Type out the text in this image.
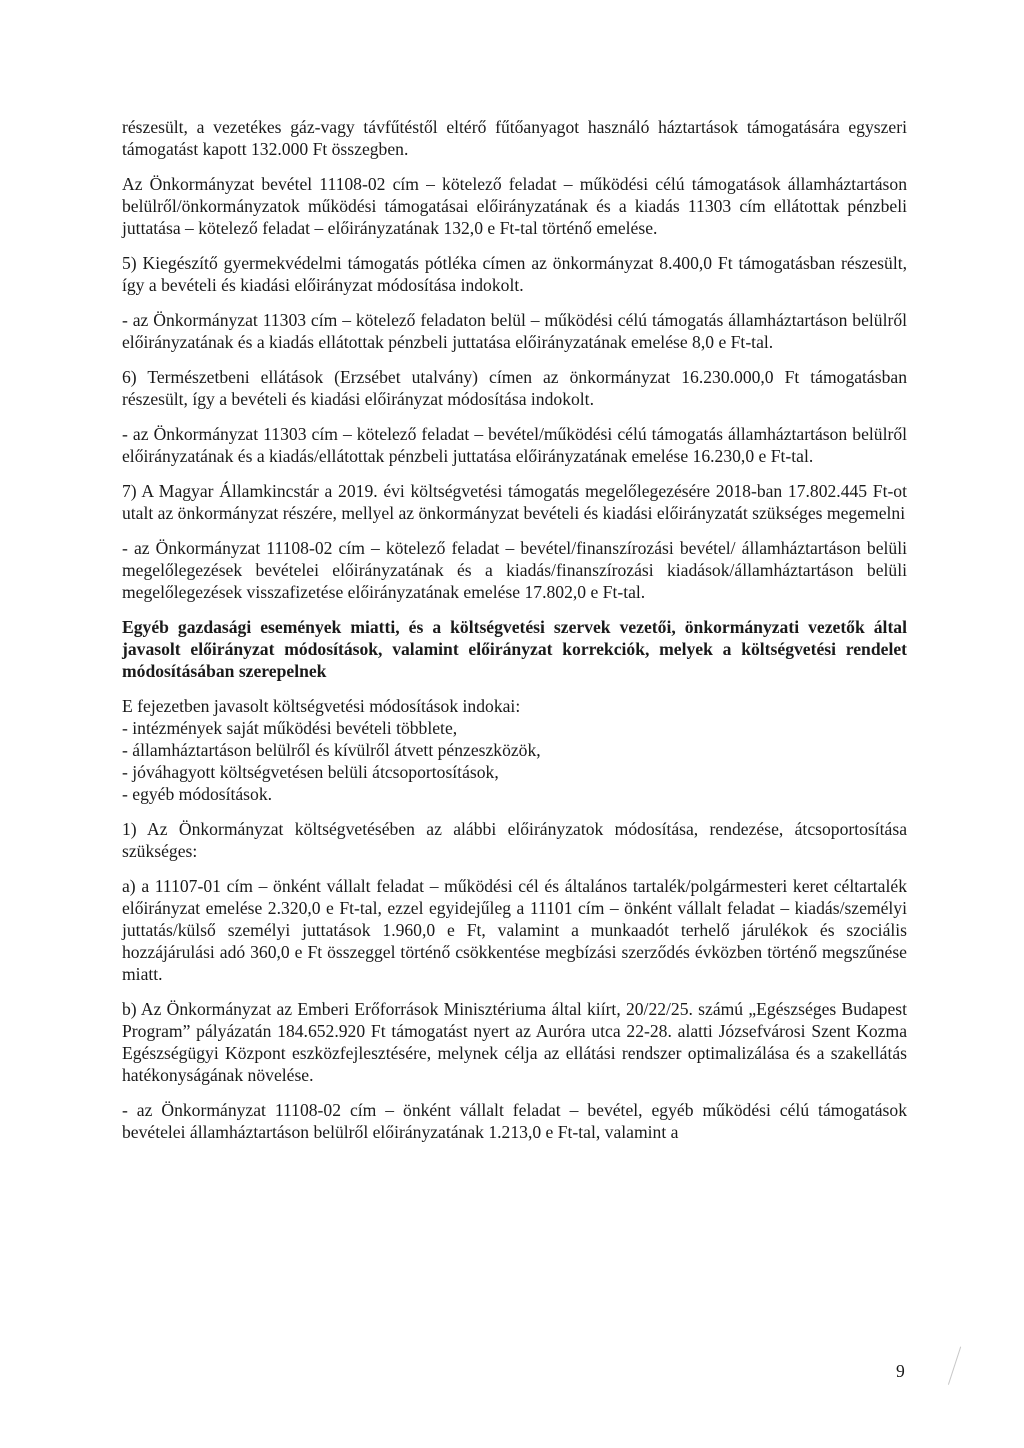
részesült, a vezetékes gáz-vagy távfűtéstől eltérő fűtőanyagot használó háztartások támogatására egyszeri támogatást kapott 132.000 Ft összegben.

Az Önkormányzat bevétel 11108-02 cím – kötelező feladat – működési célú támogatások államháztartáson belülről/önkormányzatok működési támogatásai előirányzatának és a kiadás 11303 cím ellátottak pénzbeli juttatása – kötelező feladat – előirányzatának 132,0 e Ft-tal történő emelése.

5) Kiegészítő gyermekvédelmi támogatás pótléka címen az önkormányzat 8.400,0 Ft támogatásban részesült, így a bevételi és kiadási előirányzat módosítása indokolt.

- az Önkormányzat 11303 cím – kötelező feladaton belül – működési célú támogatás államháztartáson belülről előirányzatának és a kiadás ellátottak pénzbeli juttatása előirányzatának emelése 8,0 e Ft-tal.

6) Természetbeni ellátások (Erzsébet utalvány) címen az önkormányzat 16.230.000,0 Ft támogatásban részesült, így a bevételi és kiadási előirányzat módosítása indokolt.

- az Önkormányzat 11303 cím – kötelező feladat – bevétel/működési célú támogatás államháztartáson belülről előirányzatának és a kiadás/ellátottak pénzbeli juttatása előirányzatának emelése 16.230,0 e Ft-tal.

7) A Magyar Államkincstár a 2019. évi költségvetési támogatás megelőlegezésére 2018-ban 17.802.445 Ft-ot utalt az önkormányzat részére, mellyel az önkormányzat bevételi és kiadási előirányzatát szükséges megemelni

- az Önkormányzat 11108-02 cím – kötelező feladat – bevétel/finanszírozási bevétel/ államháztartáson belüli megelőlegezések bevételei előirányzatának és a kiadás/finanszírozási kiadások/államháztartáson belüli megelőlegezések visszafizetése előirányzatának emelése 17.802,0 e Ft-tal.

Egyéb gazdasági események miatti, és a költségvetési szervek vezetői, önkormányzati vezetők által javasolt előirányzat módosítások, valamint előirányzat korrekciók, melyek a költségvetési rendelet módosításában szerepelnek

E fejezetben javasolt költségvetési módosítások indokai:

- intézmények saját működési bevételi többlete,

- államháztartáson belülről és kívülről átvett pénzeszközök,

- jóváhagyott költségvetésen belüli átcsoportosítások,

- egyéb módosítások.

1) Az Önkormányzat költségvetésében az alábbi előirányzatok módosítása, rendezése, átcsoportosítása szükséges:

a) a 11107-01 cím – önként vállalt feladat – működési cél és általános tartalék/polgármesteri keret céltartalék előirányzat emelése 2.320,0 e Ft-tal, ezzel egyidejűleg a 11101 cím – önként vállalt feladat – kiadás/személyi juttatás/külső személyi juttatások 1.960,0 e Ft, valamint a munkaadót terhelő járulékok és szociális hozzájárulási adó 360,0 e Ft összeggel történő csökkentése megbízási szerződés évközben történő megszűnése miatt.

b) Az Önkormányzat az Emberi Erőforrások Minisztériuma által kiírt, 20/22/25. számú „Egészséges Budapest Program” pályázatán 184.652.920 Ft támogatást nyert az Auróra utca 22-28. alatti Józsefvárosi Szent Kozma Egészségügyi Központ eszközfejlesztésére, melynek célja az ellátási rendszer optimalizálása és a szakellátás hatékonyságának növelése.

- az Önkormányzat 11108-02 cím – önként vállalt feladat – bevétel, egyéb működési célú támogatások bevételei államháztartáson belülről előirányzatának 1.213,0 e Ft-tal, valamint a

9
